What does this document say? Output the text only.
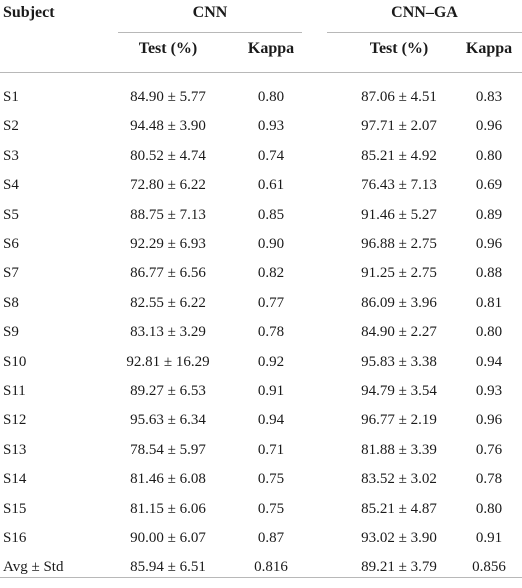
Subject	CNN	CNN–GA
Test (%)	Kappa	Test (%)	Kappa
S1	84.90 ± 5.77	0.80	87.06 ± 4.51	0.83
S2	94.48 ± 3.90	0.93	97.71 ± 2.07	0.96
S3	80.52 ± 4.74	0.74	85.21 ± 4.92	0.80
S4	72.80 ± 6.22	0.61	76.43 ± 7.13	0.69
S5	88.75 ± 7.13	0.85	91.46 ± 5.27	0.89
S6	92.29 ± 6.93	0.90	96.88 ± 2.75	0.96
S7	86.77 ± 6.56	0.82	91.25 ± 2.75	0.88
S8	82.55 ± 6.22	0.77	86.09 ± 3.96	0.81
S9	83.13 ± 3.29	0.78	84.90 ± 2.27	0.80
S10	92.81 ± 16.29	0.92	95.83 ± 3.38	0.94
S11	89.27 ± 6.53	0.91	94.79 ± 3.54	0.93
S12	95.63 ± 6.34	0.94	96.77 ± 2.19	0.96
S13	78.54 ± 5.97	0.71	81.88 ± 3.39	0.76
S14	81.46 ± 6.08	0.75	83.52 ± 3.02	0.78
S15	81.15 ± 6.06	0.75	85.21 ± 4.87	0.80
S16	90.00 ± 6.07	0.87	93.02 ± 3.90	0.91
Avg ± Std	85.94 ± 6.51	0.816	89.21 ± 3.79	0.856
